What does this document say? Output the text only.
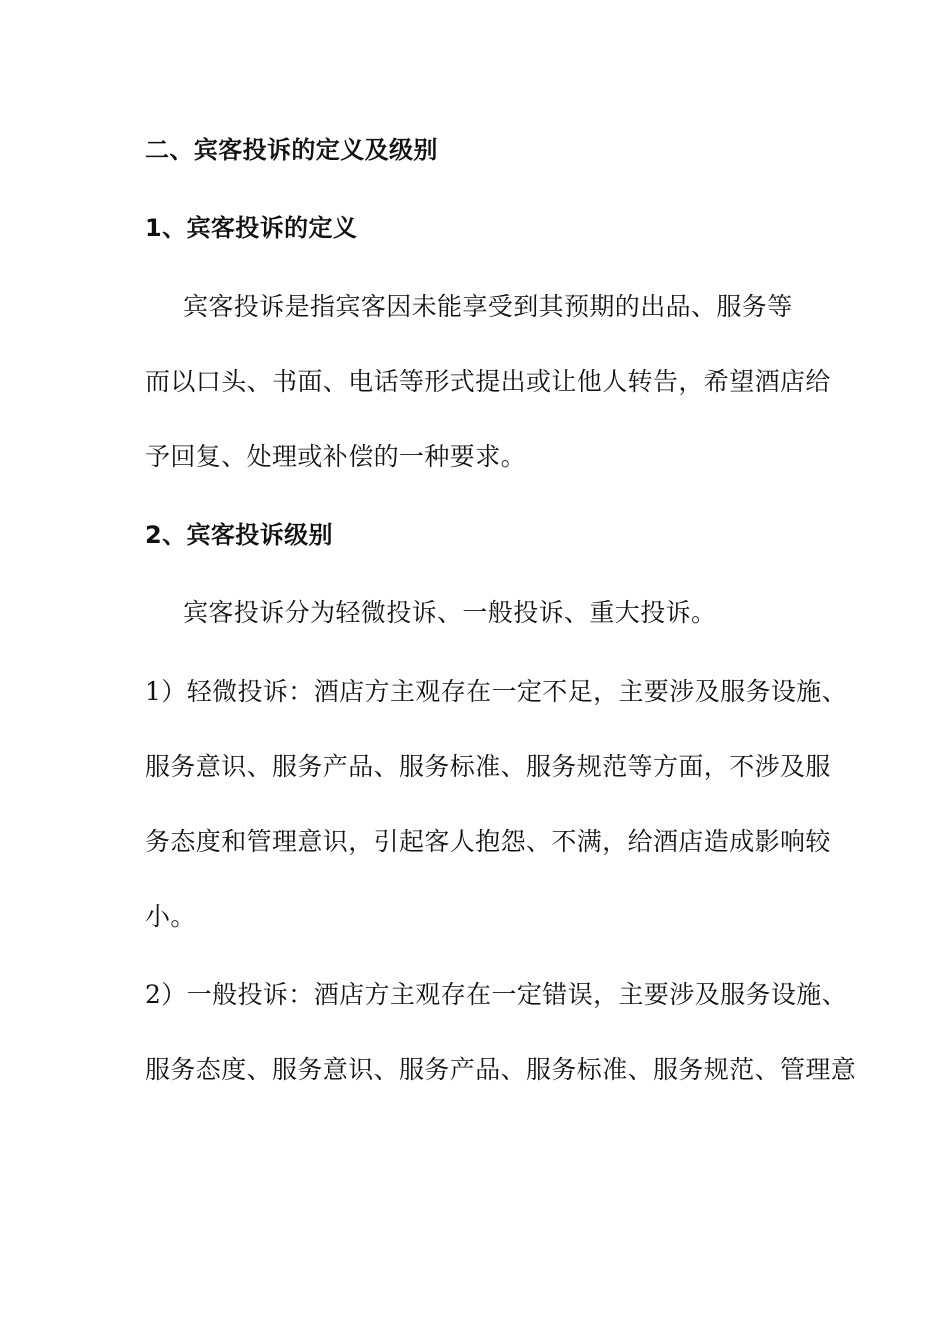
二、宾客投诉的定义及级别
1、宾客投诉的定义
宾客投诉是指宾客因未能享受到其预期的出品、服务等
而以口头、书面、电话等形式提出或让他人转告，希望酒店给
予回复、处理或补偿的一种要求。
2、宾客投诉级别
宾客投诉分为轻微投诉、一般投诉、重大投诉。
1）轻微投诉：酒店方主观存在一定不足，主要涉及服务设施、
服务意识、服务产品、服务标准、服务规范等方面，不涉及服
务态度和管理意识，引起客人抱怨、不满，给酒店造成影响较
小。
2）一般投诉：酒店方主观存在一定错误，主要涉及服务设施、
服务态度、服务意识、服务产品、服务标准、服务规范、管理意
